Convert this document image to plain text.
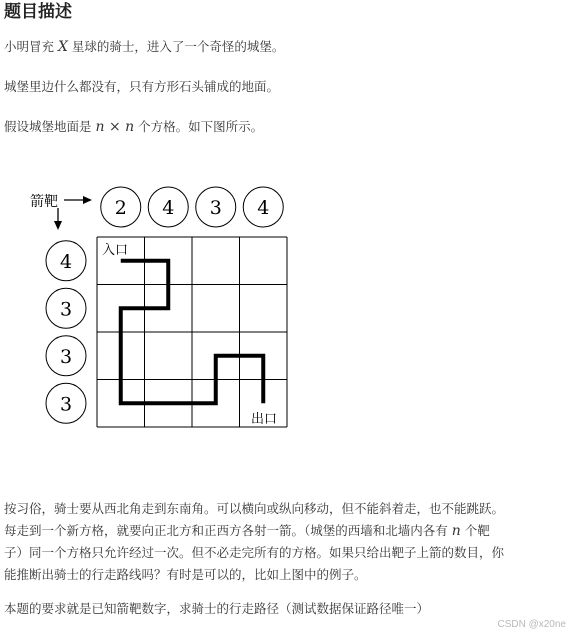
题目描述

小明冒充 X 星球的骑士，进入了一个奇怪的城堡。

城堡里边什么都没有，只有方形石头铺成的地面。

假设城堡地面是 n × n 个方格。如下图所示。

箭靶	2 4 3 4
4
3
3
3
入口
出口

按习俗，骑士要从西北角走到东南角。可以横向或纵向移动，但不能斜着走，也不能跳跃。
每走到一个新方格，就要向正北方和正西方各射一箭。（城堡的西墙和北墙内各有 n 个靶
子）同一个方格只允许经过一次。但不必走完所有的方格。如果只给出靶子上箭的数目，你
能推断出骑士的行走路线吗？有时是可以的，比如上图中的例子。

本题的要求就是已知箭靶数字，求骑士的行走路径（测试数据保证路径唯一）

CSDN @x20ne
